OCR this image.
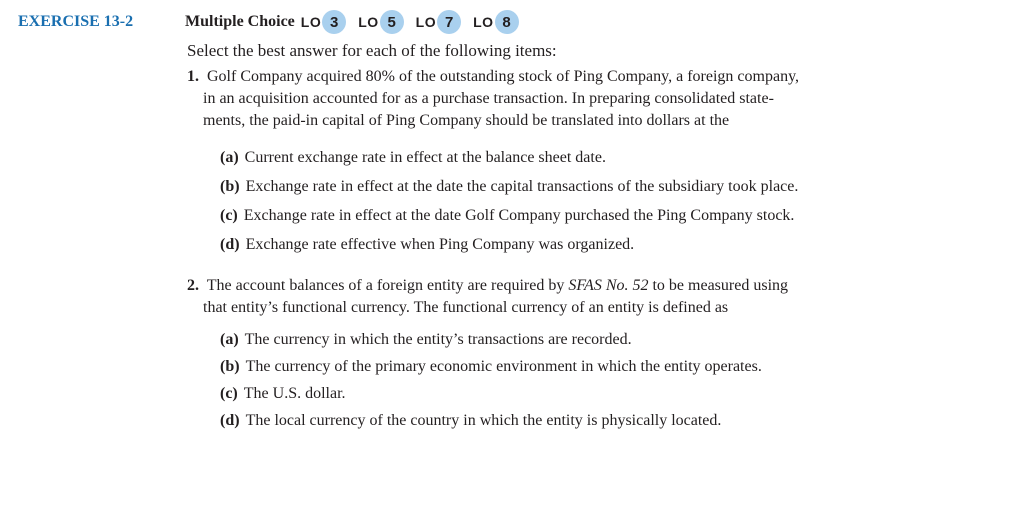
EXERCISE 13-2	Multiple Choice LO 3	LO 5	LO 7	LO 8
Select the best answer for each of the following items:
1. Golf Company acquired 80% of the outstanding stock of Ping Company, a foreign company,
in an acquisition accounted for as a purchase transaction. In preparing consolidated state-
ments, the paid-in capital of Ping Company should be translated into dollars at the
(a) Current exchange rate in effect at the balance sheet date.
(b) Exchange rate in effect at the date the capital transactions of the subsidiary took place.
(c) Exchange rate in effect at the date Golf Company purchased the Ping Company stock.
(d) Exchange rate effective when Ping Company was organized.
2. The account balances of a foreign entity are required by SFAS No. 52 to be measured using
that entity’s functional currency. The functional currency of an entity is defined as
(a) The currency in which the entity’s transactions are recorded.
(b) The currency of the primary economic environment in which the entity operates.
(c) The U.S. dollar.
(d) The local currency of the country in which the entity is physically located.
